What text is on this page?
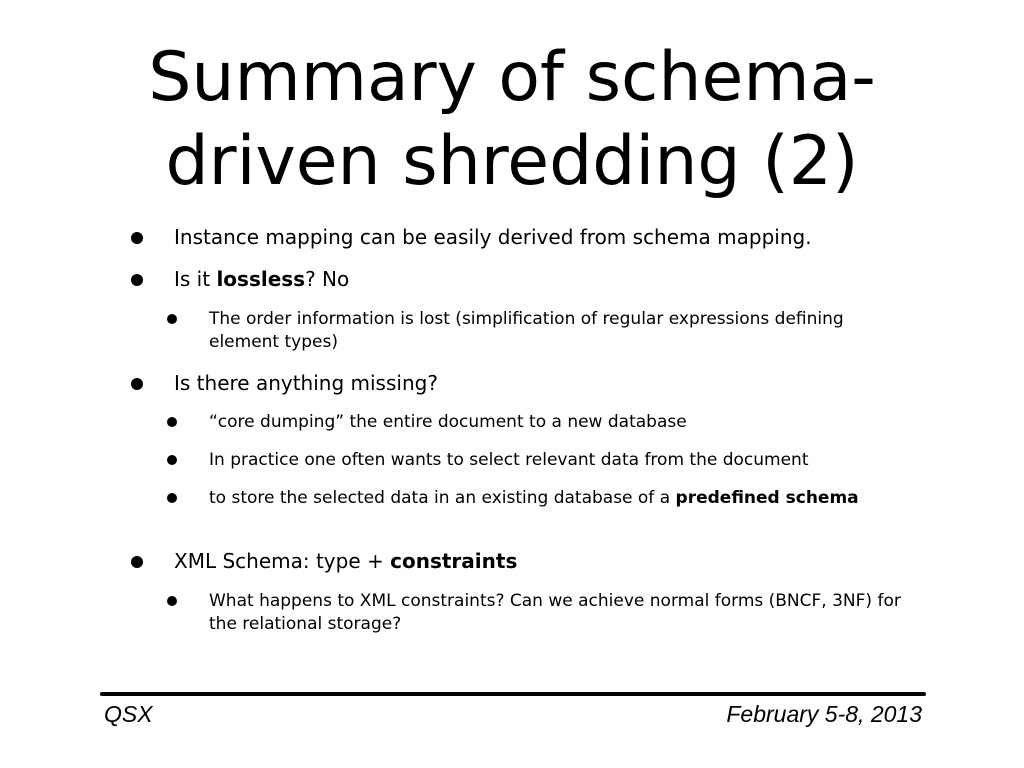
Summary of schema-
driven shredding (2)

Instance mapping can be easily derived from schema mapping.

Is it lossless? No

The order information is lost (simplification of regular expressions defining element types)

Is there anything missing?

“core dumping” the entire document to a new database

In practice one often wants to select relevant data from the document

to store the selected data in an existing database of a predefined schema

XML Schema: type + constraints

What happens to XML constraints? Can we achieve normal forms (BNCF, 3NF) for the relational storage?

QSX	February 5-8, 2013
